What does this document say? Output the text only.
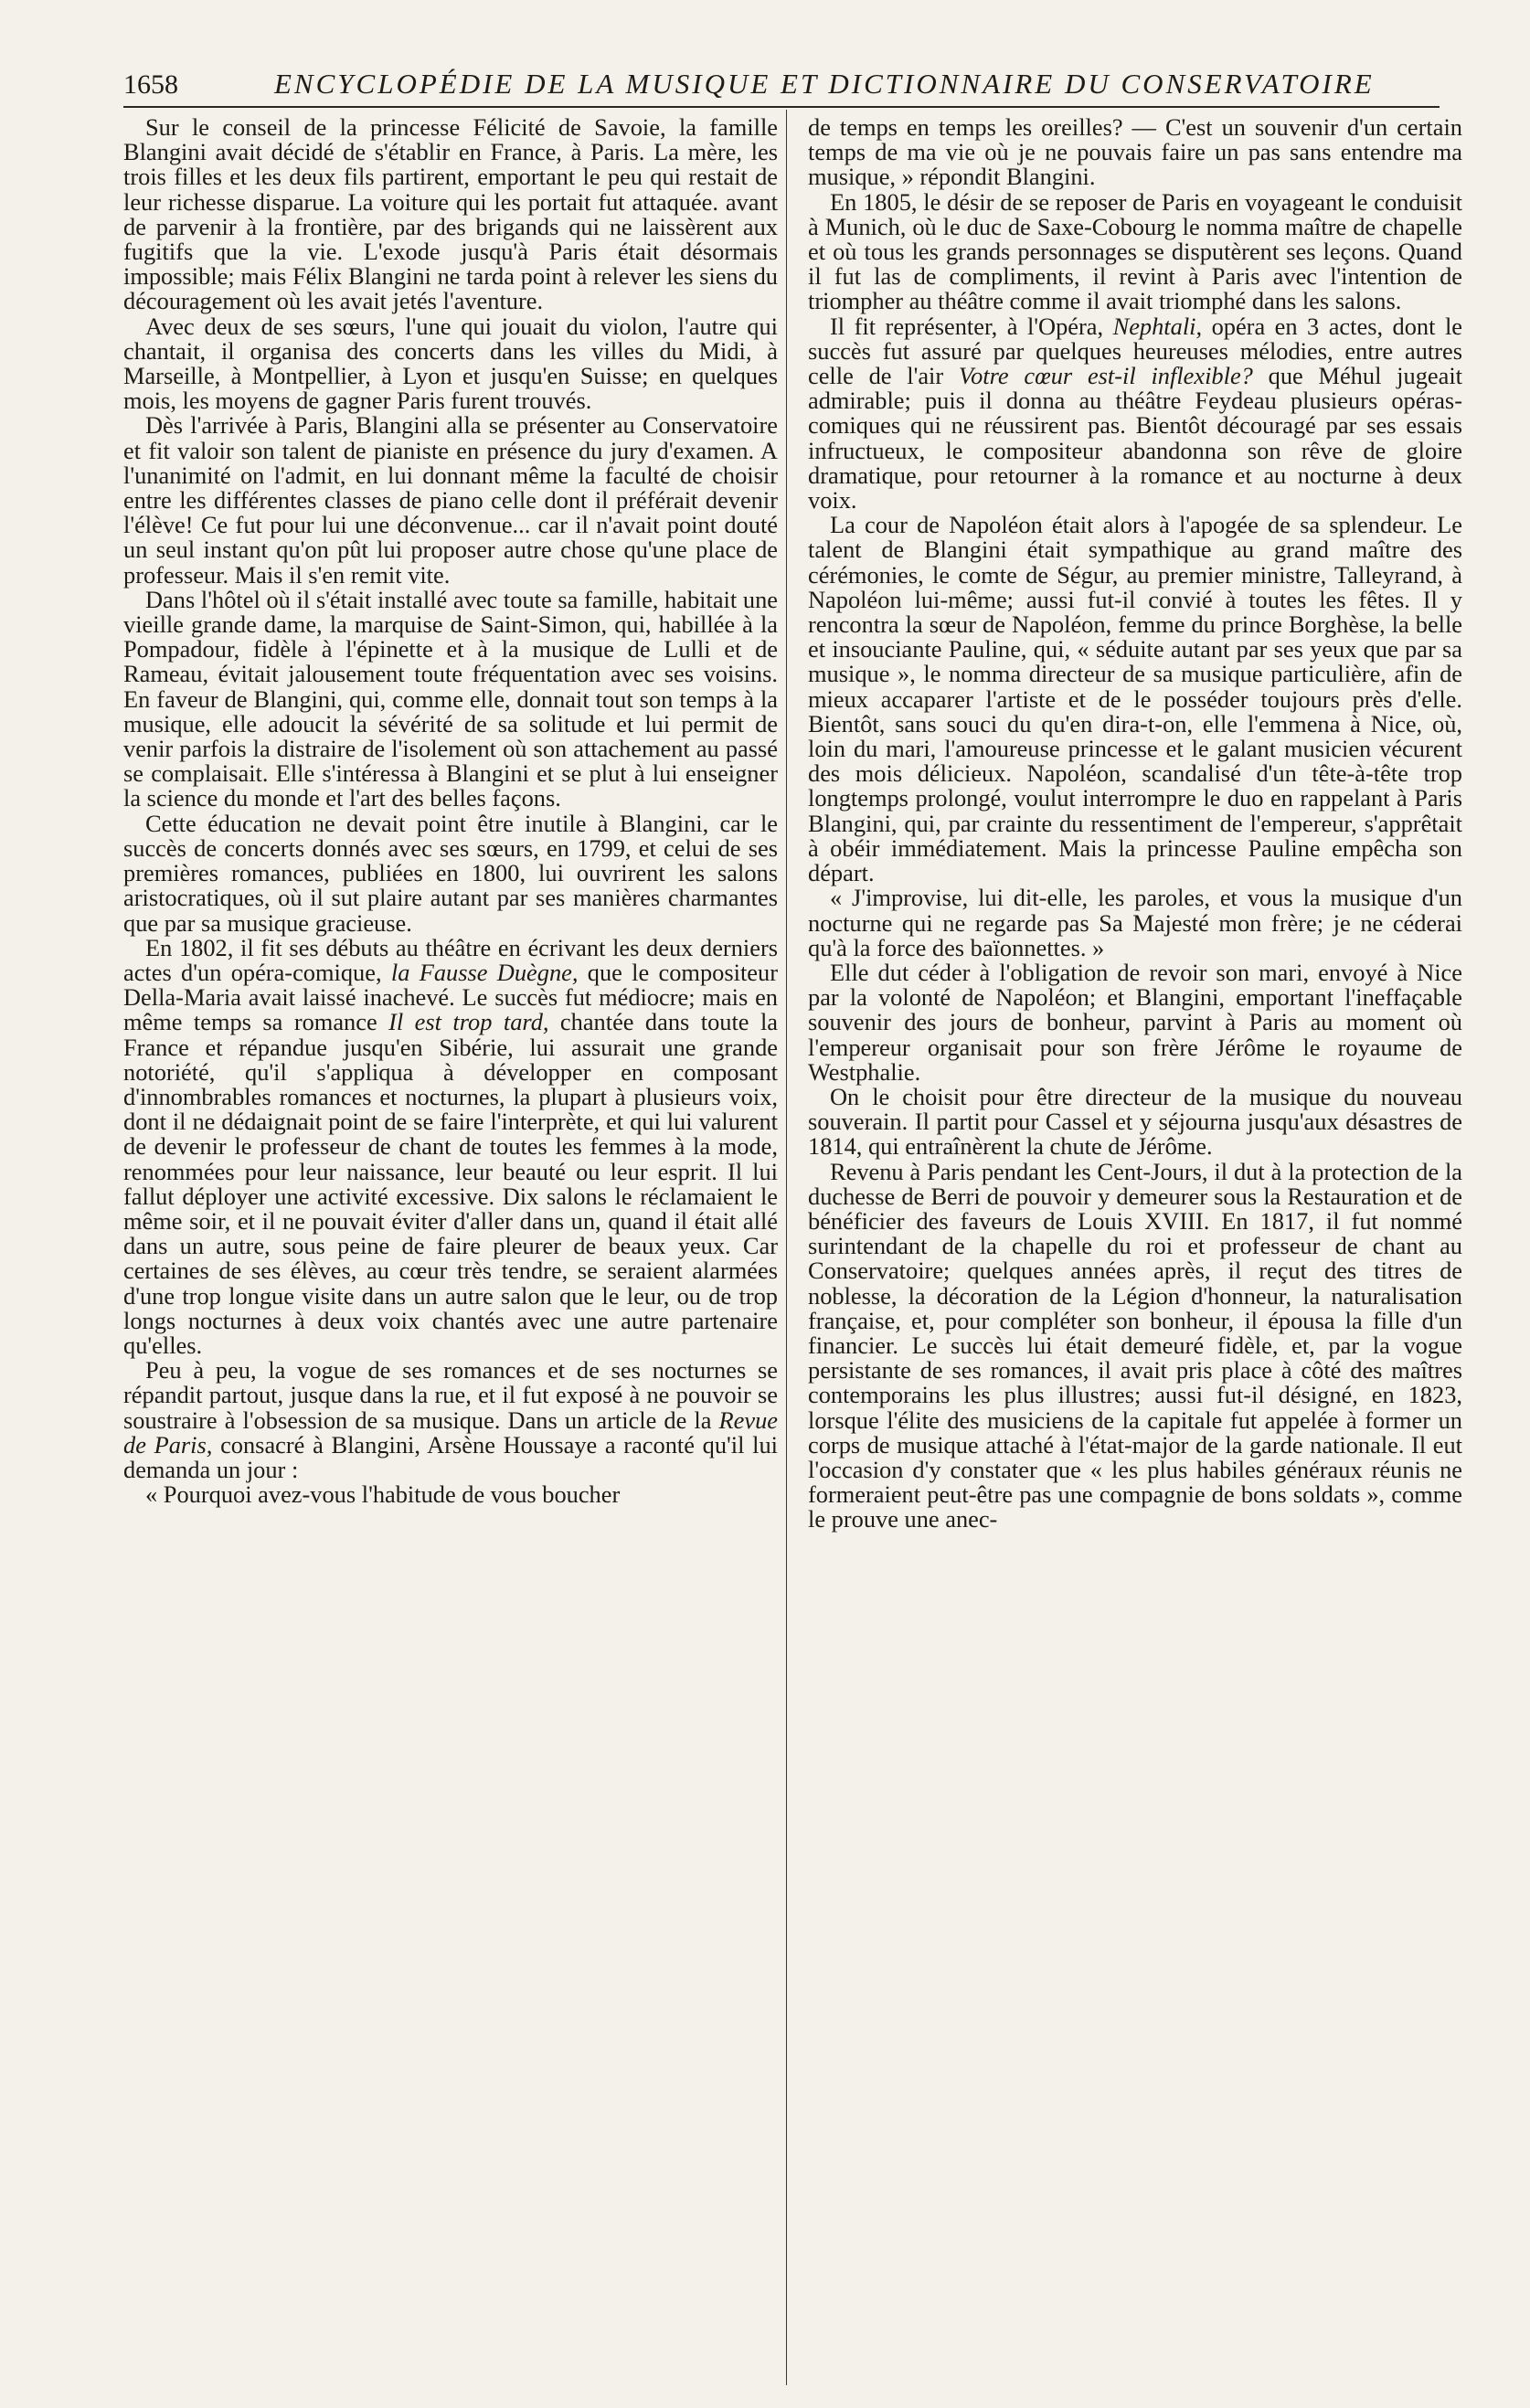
1658	ENCYCLOPÉDIE DE LA MUSIQUE ET DICTIONNAIRE DU CONSERVATOIRE

Sur le conseil de la princesse Félicité de Savoie, la famille Blangini avait décidé de s'établir en France, à Paris. La mère, les trois filles et les deux fils partirent, emportant le peu qui restait de leur richesse disparue. La voiture qui les portait fut attaquée. avant de parvenir à la frontière, par des brigands qui ne laissèrent aux fugitifs que la vie. L'exode jusqu'à Paris était désormais impossible; mais Félix Blangini ne tarda point à relever les siens du découragement où les avait jetés l'aventure.

Avec deux de ses sœurs, l'une qui jouait du violon, l'autre qui chantait, il organisa des concerts dans les villes du Midi, à Marseille, à Montpellier, à Lyon et jusqu'en Suisse; en quelques mois, les moyens de gagner Paris furent trouvés.

Dès l'arrivée à Paris, Blangini alla se présenter au Conservatoire et fit valoir son talent de pianiste en présence du jury d'examen. A l'unanimité on l'admit, en lui donnant même la faculté de choisir entre les différentes classes de piano celle dont il préférait devenir l'élève! Ce fut pour lui une déconvenue... car il n'avait point douté un seul instant qu'on pût lui proposer autre chose qu'une place de professeur. Mais il s'en remit vite.

Dans l'hôtel où il s'était installé avec toute sa famille, habitait une vieille grande dame, la marquise de Saint-Simon, qui, habillée à la Pompadour, fidèle à l'épinette et à la musique de Lulli et de Rameau, évitait jalousement toute fréquentation avec ses voisins. En faveur de Blangini, qui, comme elle, donnait tout son temps à la musique, elle adoucit la sévérité de sa solitude et lui permit de venir parfois la distraire de l'isolement où son attachement au passé se complaisait. Elle s'intéressa à Blangini et se plut à lui enseigner la science du monde et l'art des belles façons.

Cette éducation ne devait point être inutile à Blangini, car le succès de concerts donnés avec ses sœurs, en 1799, et celui de ses premières romances, publiées en 1800, lui ouvrirent les salons aristocratiques, où il sut plaire autant par ses manières charmantes que par sa musique gracieuse.

En 1802, il fit ses débuts au théâtre en écrivant les deux derniers actes d'un opéra-comique, la Fausse Duègne, que le compositeur Della-Maria avait laissé inachevé. Le succès fut médiocre; mais en même temps sa romance Il est trop tard, chantée dans toute la France et répandue jusqu'en Sibérie, lui assurait une grande notoriété, qu'il s'appliqua à développer en composant d'innombrables romances et nocturnes, la plupart à plusieurs voix, dont il ne dédaignait point de se faire l'interprète, et qui lui valurent de devenir le professeur de chant de toutes les femmes à la mode, renommées pour leur naissance, leur beauté ou leur esprit. Il lui fallut déployer une activité excessive. Dix salons le réclamaient le même soir, et il ne pouvait éviter d'aller dans un, quand il était allé dans un autre, sous peine de faire pleurer de beaux yeux. Car certaines de ses élèves, au cœur très tendre, se seraient alarmées d'une trop longue visite dans un autre salon que le leur, ou de trop longs nocturnes à deux voix chantés avec une autre partenaire qu'elles.

Peu à peu, la vogue de ses romances et de ses nocturnes se répandit partout, jusque dans la rue, et il fut exposé à ne pouvoir se soustraire à l'obsession de sa musique. Dans un article de la Revue de Paris, consacré à Blangini, Arsène Houssaye a raconté qu'il lui demanda un jour :

« Pourquoi avez-vous l'habitude de vous boucher

de temps en temps les oreilles? — C'est un souvenir d'un certain temps de ma vie où je ne pouvais faire un pas sans entendre ma musique, » répondit Blangini.

En 1805, le désir de se reposer de Paris en voyageant le conduisit à Munich, où le duc de Saxe-Cobourg le nomma maître de chapelle et où tous les grands personnages se disputèrent ses leçons. Quand il fut las de compliments, il revint à Paris avec l'intention de triompher au théâtre comme il avait triomphé dans les salons.

Il fit représenter, à l'Opéra, Nephtali, opéra en 3 actes, dont le succès fut assuré par quelques heureuses mélodies, entre autres celle de l'air Votre cœur est-il inflexible? que Méhul jugeait admirable; puis il donna au théâtre Feydeau plusieurs opéras-comiques qui ne réussirent pas. Bientôt découragé par ses essais infructueux, le compositeur abandonna son rêve de gloire dramatique, pour retourner à la romance et au nocturne à deux voix.

La cour de Napoléon était alors à l'apogée de sa splendeur. Le talent de Blangini était sympathique au grand maître des cérémonies, le comte de Ségur, au premier ministre, Talleyrand, à Napoléon lui-même; aussi fut-il convié à toutes les fêtes. Il y rencontra la sœur de Napoléon, femme du prince Borghèse, la belle et insouciante Pauline, qui, « séduite autant par ses yeux que par sa musique », le nomma directeur de sa musique particulière, afin de mieux accaparer l'artiste et de le posséder toujours près d'elle. Bientôt, sans souci du qu'en dira-t-on, elle l'emmena à Nice, où, loin du mari, l'amoureuse princesse et le galant musicien vécurent des mois délicieux. Napoléon, scandalisé d'un tête-à-tête trop longtemps prolongé, voulut interrompre le duo en rappelant à Paris Blangini, qui, par crainte du ressentiment de l'empereur, s'apprêtait à obéir immédiatement. Mais la princesse Pauline empêcha son départ.

« J'improvise, lui dit-elle, les paroles, et vous la musique d'un nocturne qui ne regarde pas Sa Majesté mon frère; je ne céderai qu'à la force des baïonnettes. »

Elle dut céder à l'obligation de revoir son mari, envoyé à Nice par la volonté de Napoléon; et Blangini, emportant l'ineffaçable souvenir des jours de bonheur, parvint à Paris au moment où l'empereur organisait pour son frère Jérôme le royaume de Westphalie.

On le choisit pour être directeur de la musique du nouveau souverain. Il partit pour Cassel et y séjourna jusqu'aux désastres de 1814, qui entraînèrent la chute de Jérôme.

Revenu à Paris pendant les Cent-Jours, il dut à la protection de la duchesse de Berri de pouvoir y demeurer sous la Restauration et de bénéficier des faveurs de Louis XVIII. En 1817, il fut nommé surintendant de la chapelle du roi et professeur de chant au Conservatoire; quelques années après, il reçut des titres de noblesse, la décoration de la Légion d'honneur, la naturalisation française, et, pour compléter son bonheur, il épousa la fille d'un financier. Le succès lui était demeuré fidèle, et, par la vogue persistante de ses romances, il avait pris place à côté des maîtres contemporains les plus illustres; aussi fut-il désigné, en 1823, lorsque l'élite des musiciens de la capitale fut appelée à former un corps de musique attaché à l'état-major de la garde nationale. Il eut l'occasion d'y constater que « les plus habiles généraux réunis ne formeraient peut-être pas une compagnie de bons soldats », comme le prouve une anec-
